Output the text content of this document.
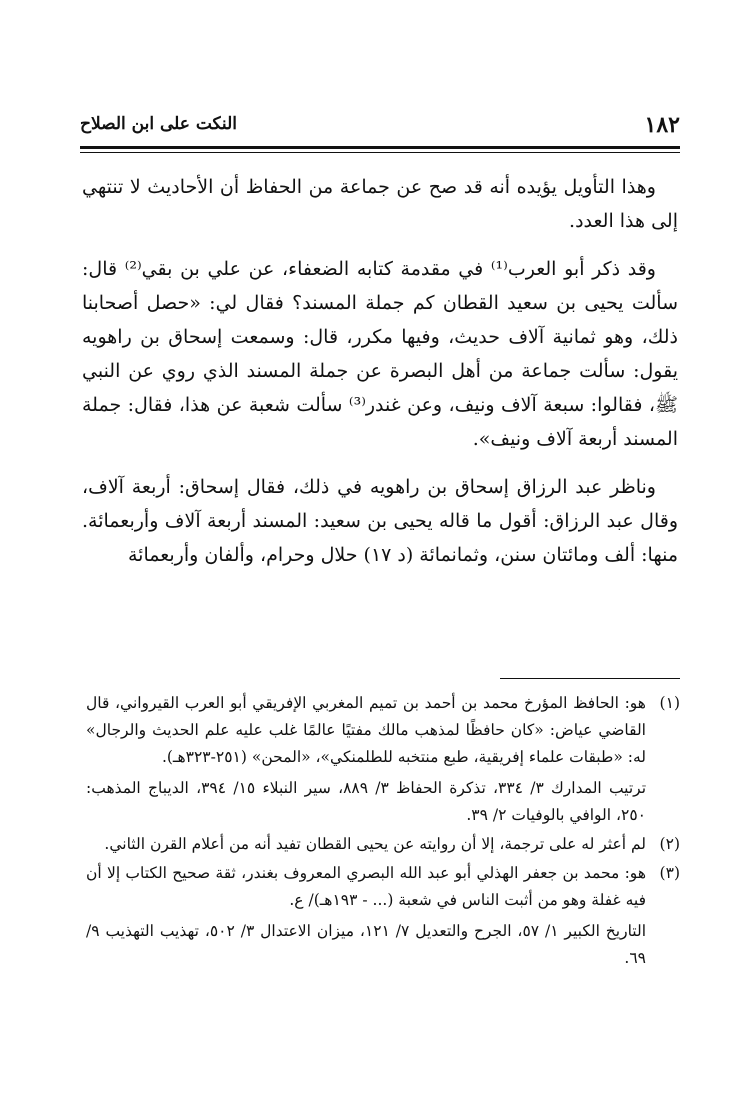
١٨٢
النكت على ابن الصلاح

وهذا التأويل يؤيده أنه قد صح عن جماعة من الحفاظ أن الأحاديث لا تنتهي إلى هذا العدد.

وقد ذكر أبو العرب⁽¹⁾ في مقدمة كتابه الضعفاء، عن علي بن بقي⁽²⁾ قال: سألت يحيى بن سعيد القطان كم جملة المسند؟ فقال لي: «حصل أصحابنا ذلك، وهو ثمانية آلاف حديث، وفيها مكرر، قال: وسمعت إسحاق بن راهويه يقول: سألت جماعة من أهل البصرة عن جملة المسند الذي روي عن النبي ﷺ، فقالوا: سبعة آلاف ونيف، وعن غندر⁽³⁾ سألت شعبة عن هذا، فقال: جملة المسند أربعة آلاف ونيف».

وناظر عبد الرزاق إسحاق بن راهويه في ذلك، فقال إسحاق: أربعة آلاف، وقال عبد الرزاق: أقول ما قاله يحيى بن سعيد: المسند أربعة آلاف وأربعمائة. منها: ألف ومائتان سنن، وثمانمائة (د ١٧) حلال وحرام، وألفان وأربعمائة

(١)

هو: الحافظ المؤرخ محمد بن أحمد بن تميم المغربي الإفريقي أبو العرب القيرواني، قال القاضي عياض: «كان حافظًا لمذهب مالك مفتيًا عالمًا غلب عليه علم الحديث والرجال» له: «طبقات علماء إفريقية، طبع منتخبه للطلمنكي»، «المحن» (٢٥١-٣٢٣هـ).

ترتيب المدارك ٣/ ٣٣٤، تذكرة الحفاظ ٣/ ٨٨٩، سير النبلاء ١٥/ ٣٩٤، الديباج المذهب: ٢٥٠، الوافي بالوفيات ٢/ ٣٩.

(٢)

لم أعثر له على ترجمة، إلا أن روايته عن يحيى القطان تفيد أنه من أعلام القرن الثاني.

(٣)

هو: محمد بن جعفر الهذلي أبو عبد الله البصري المعروف بغندر، ثقة صحيح الكتاب إلا أن فيه غفلة وهو من أثبت الناس في شعبة (... - ١٩٣هـ)/ ع.

التاريخ الكبير ١/ ٥٧، الجرح والتعديل ٧/ ١٢١، ميزان الاعتدال ٣/ ٥٠٢، تهذيب التهذيب ٩/ ٦٩.
